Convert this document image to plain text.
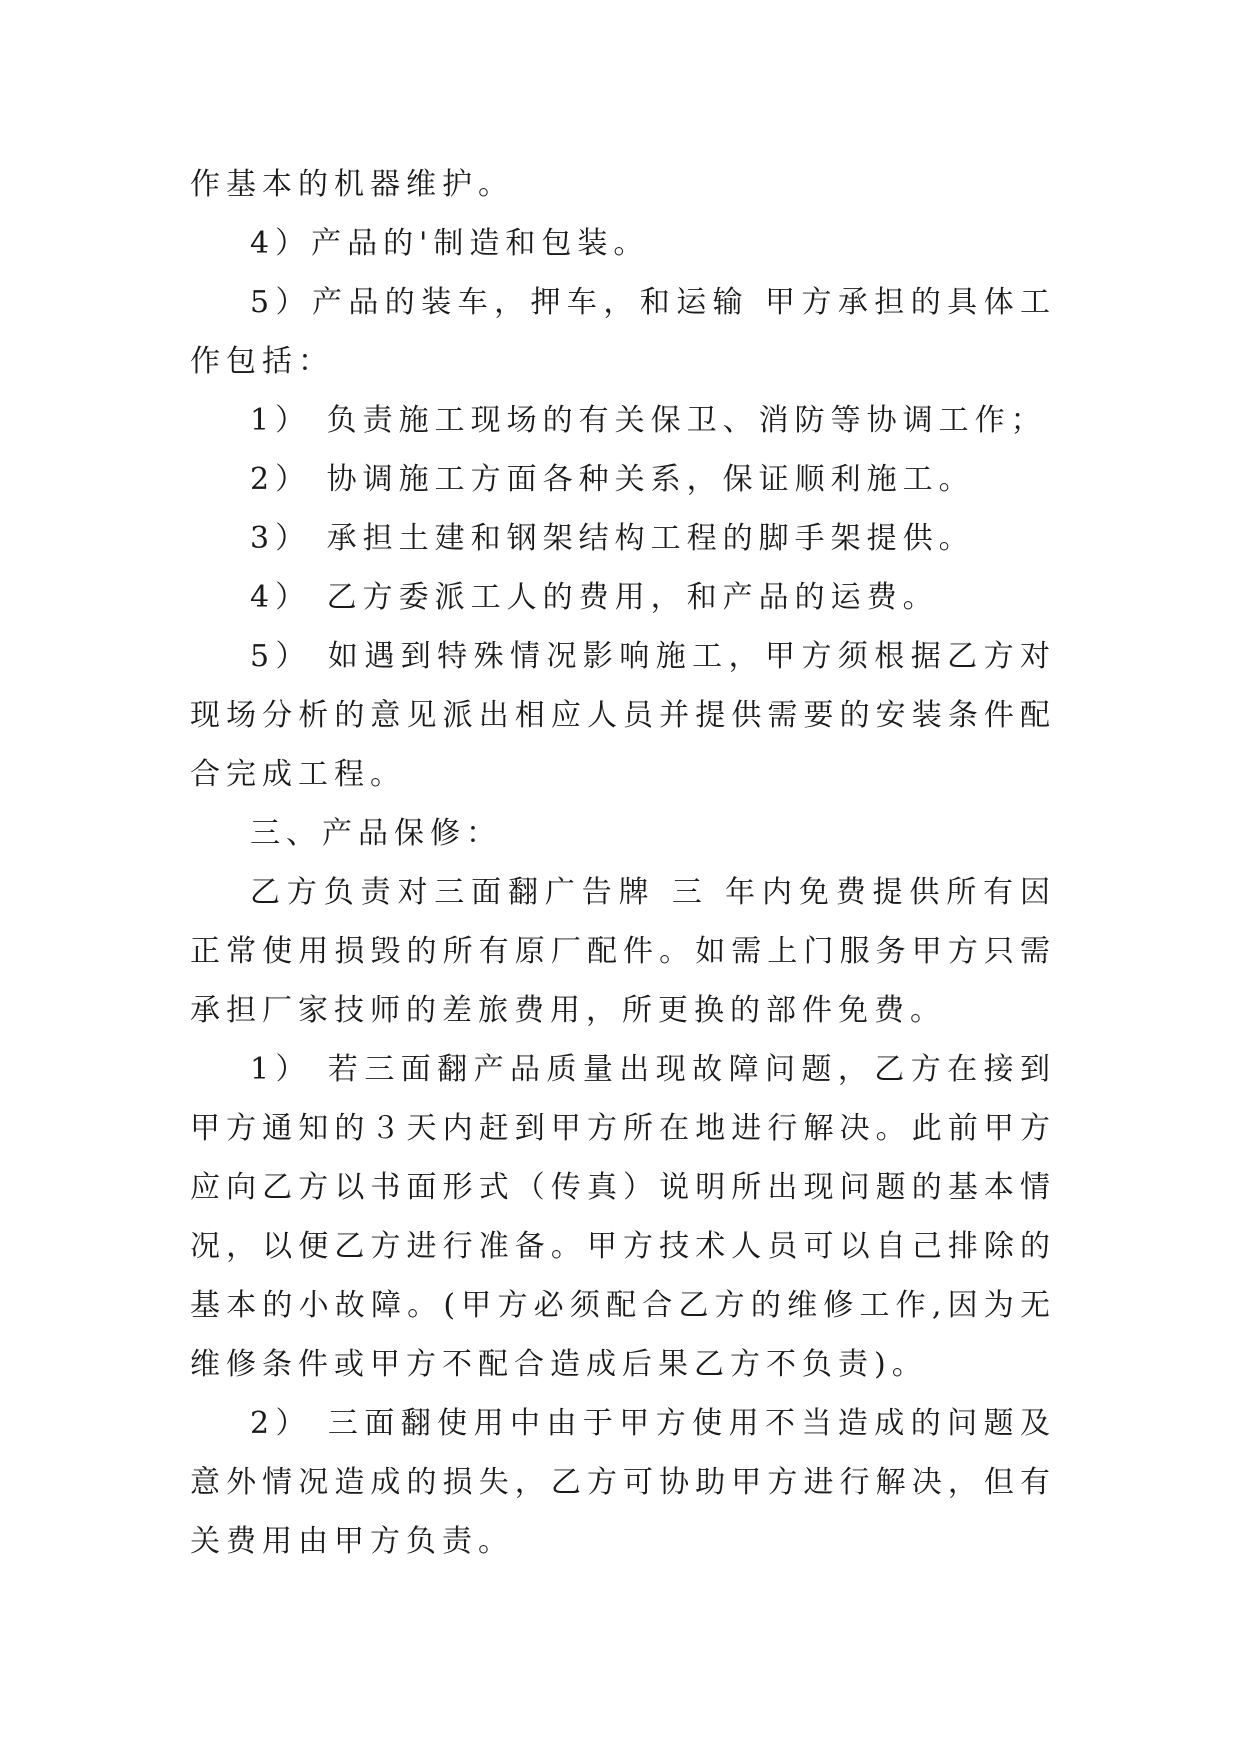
作基本的机器维护。

4）产品的'制造和包装。

5）产品的装车，押车，和运输 甲方承担的具体工作包括：

1） 负责施工现场的有关保卫、消防等协调工作；

2） 协调施工方面各种关系，保证顺利施工。

3） 承担土建和钢架结构工程的脚手架提供。

4） 乙方委派工人的费用，和产品的运费。

5） 如遇到特殊情况影响施工，甲方须根据乙方对现场分析的意见派出相应人员并提供需要的安装条件配合完成工程。

三、产品保修：

乙方负责对三面翻广告牌 三 年内免费提供所有因正常使用损毁的所有原厂配件。如需上门服务甲方只需承担厂家技师的差旅费用，所更换的部件免费。

1） 若三面翻产品质量出现故障问题，乙方在接到甲方通知的３天内赶到甲方所在地进行解决。此前甲方应向乙方以书面形式（传真）说明所出现问题的基本情况，以便乙方进行准备。甲方技术人员可以自己排除的基本的小故障。(甲方必须配合乙方的维修工作,因为无维修条件或甲方不配合造成后果乙方不负责)。

2） 三面翻使用中由于甲方使用不当造成的问题及意外情况造成的损失，乙方可协助甲方进行解决，但有关费用由甲方负责。
